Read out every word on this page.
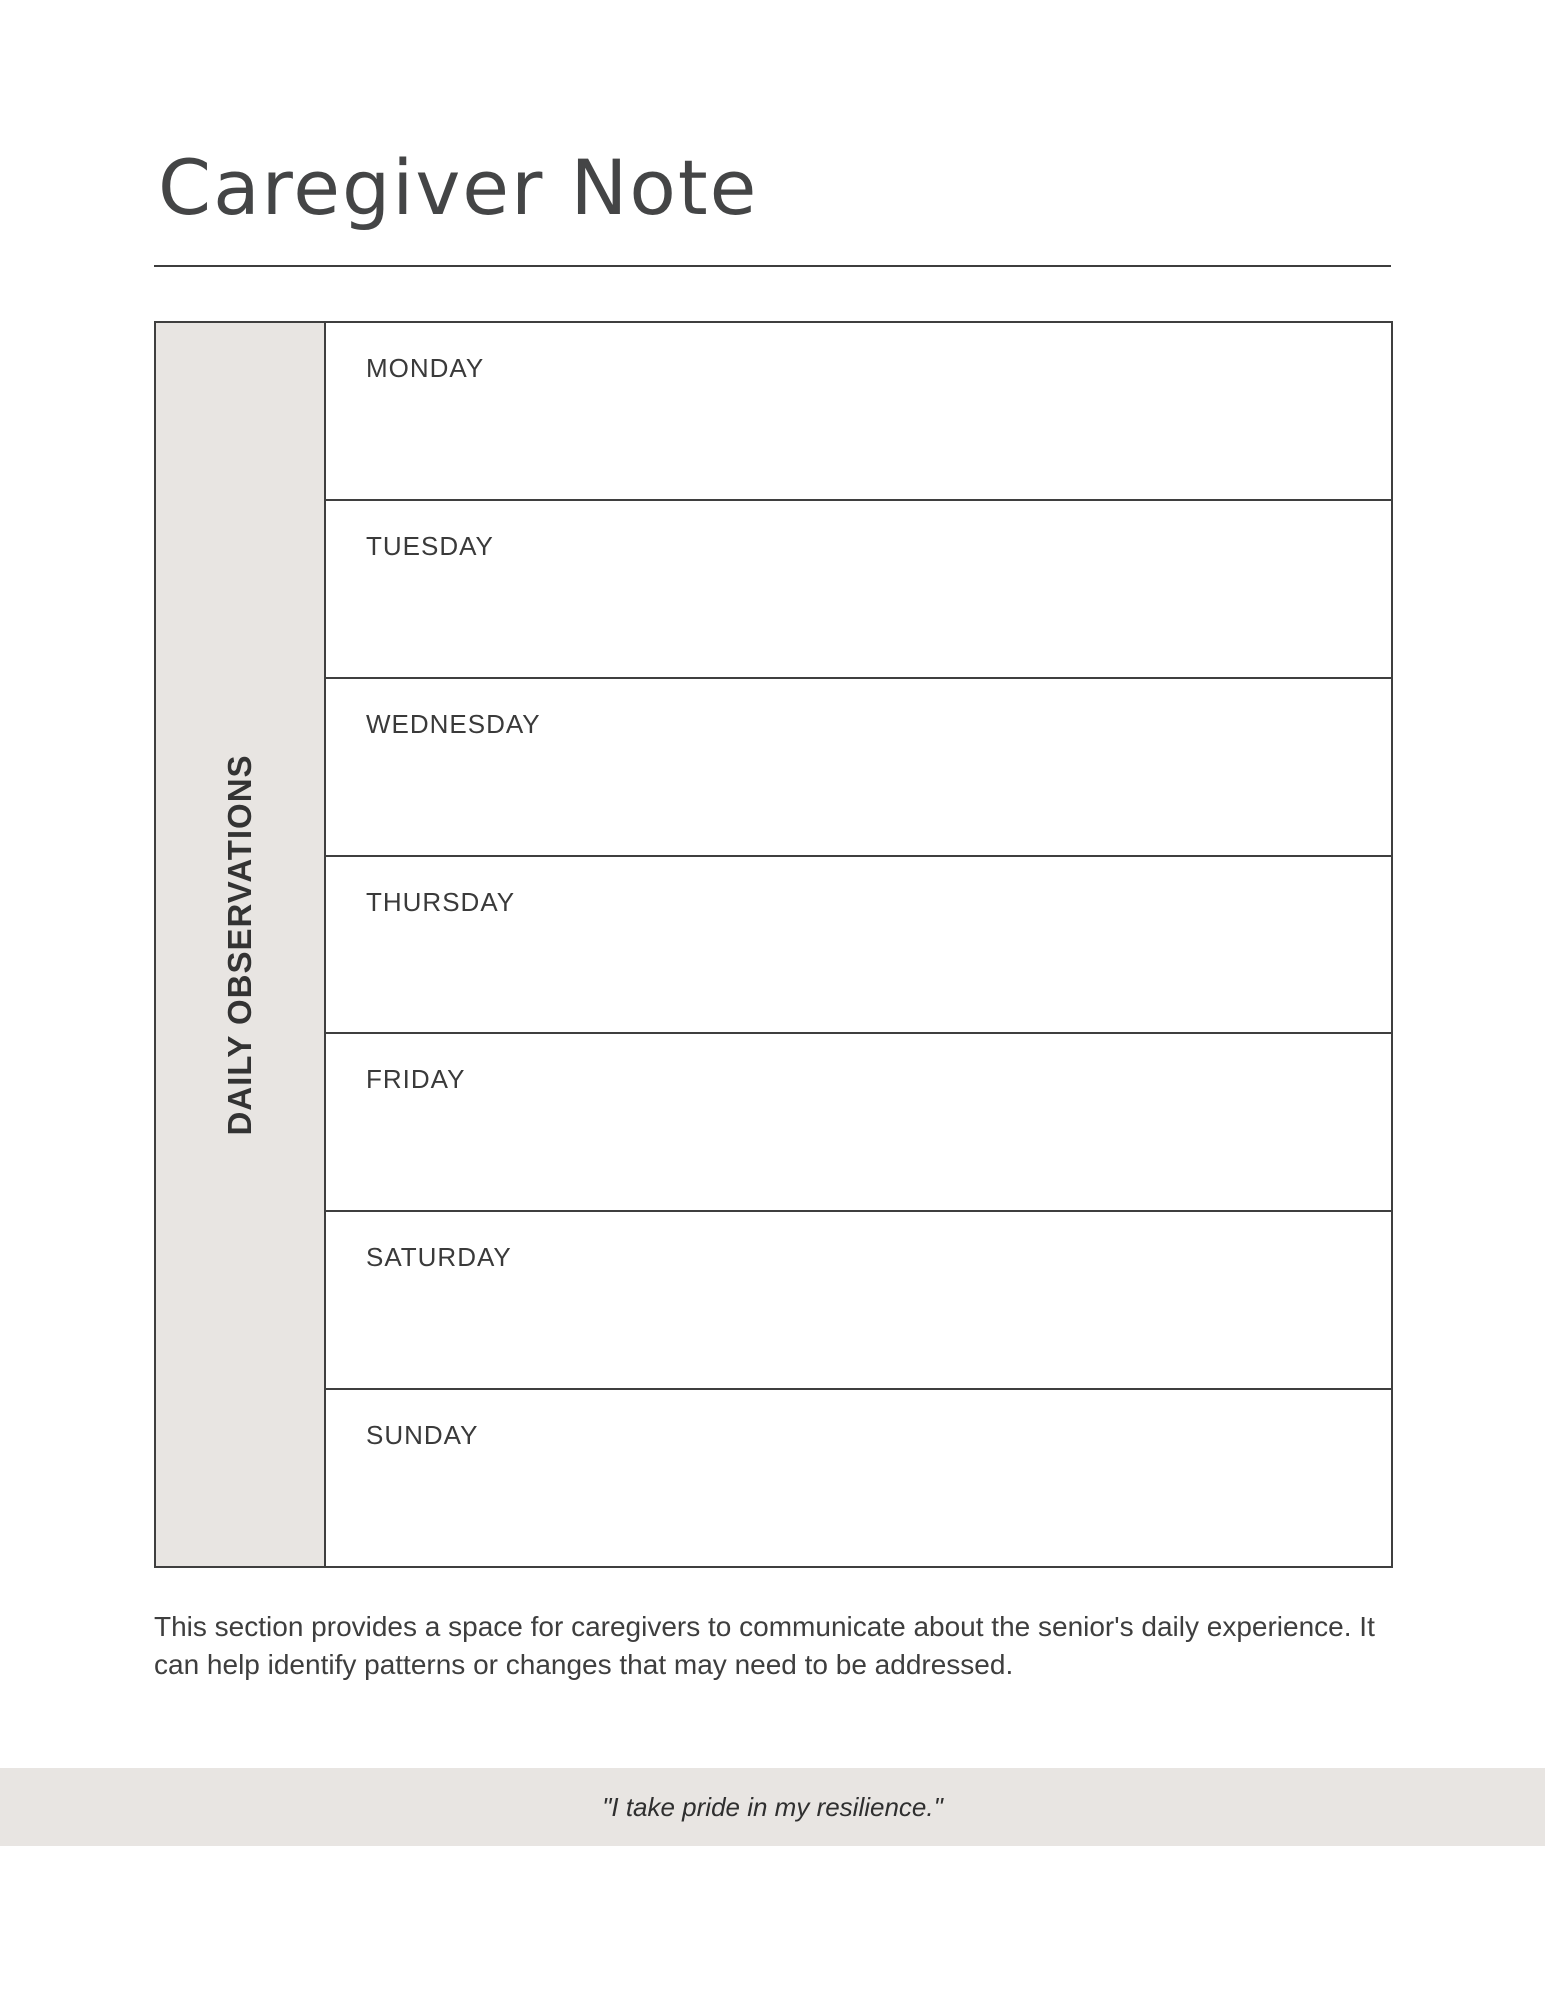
Caregiver Note
DAILY OBSERVATIONS
MONDAY
TUESDAY
WEDNESDAY
THURSDAY
FRIDAY
SATURDAY
SUNDAY

This section provides a space for caregivers to communicate about the senior's daily experience. It can help identify patterns or changes that may need to be addressed.

"I take pride in my resilience."
